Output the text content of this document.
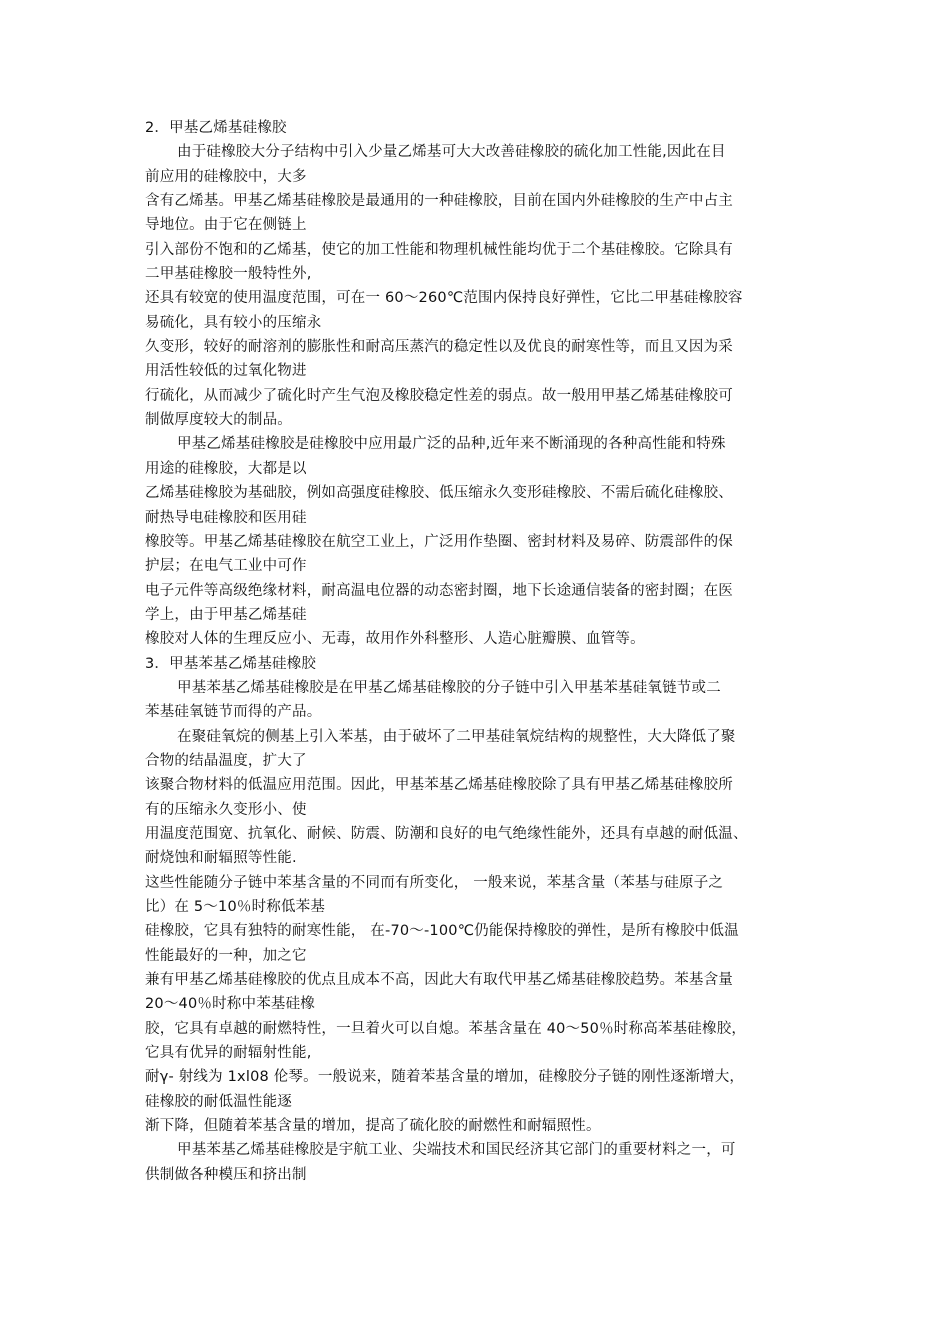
2．甲基乙烯基硅橡胶
由于硅橡胶大分子结构中引入少量乙烯基可大大改善硅橡胶的硫化加工性能,因此在目
前应用的硅橡胶中，大多
含有乙烯基。甲基乙烯基硅橡胶是最通用的一种硅橡胶，目前在国内外硅橡胶的生产中占主
导地位。由于它在侧链上
引入部份不饱和的乙烯基，使它的加工性能和物理机械性能均优于二个基硅橡胶。它除具有
二甲基硅橡胶一般特性外,
还具有较宽的使用温度范围，可在一 60～260℃范围内保持良好弹性，它比二甲基硅橡胶容
易硫化，具有较小的压缩永
久变形，较好的耐溶剂的膨胀性和耐高压蒸汽的稳定性以及优良的耐寒性等，而且又因为采
用活性较低的过氧化物进
行硫化，从而减少了硫化时产生气泡及橡胶稳定性差的弱点。故一般用甲基乙烯基硅橡胶可
制做厚度较大的制品。
甲基乙烯基硅橡胶是硅橡胶中应用最广泛的品种,近年来不断涌现的各种高性能和特殊
用途的硅橡胶，大都是以
乙烯基硅橡胶为基础胶，例如高强度硅橡胶、低压缩永久变形硅橡胶、不需后硫化硅橡胶、
耐热导电硅橡胶和医用硅
橡胶等。甲基乙烯基硅橡胶在航空工业上，广泛用作垫圈、密封材料及易碎、防震部件的保
护层；在电气工业中可作
电子元件等高级绝缘材料，耐高温电位器的动态密封圈，地下长途通信装备的密封圈；在医
学上，由于甲基乙烯基硅
橡胶对人体的生理反应小、无毒，故用作外科整形、人造心脏瓣膜、血管等。
3．甲基苯基乙烯基硅橡胶
甲基苯基乙烯基硅橡胶是在甲基乙烯基硅橡胶的分子链中引入甲基苯基硅氧链节或二
苯基硅氧链节而得的产品。
在聚硅氧烷的侧基上引入苯基，由于破坏了二甲基硅氧烷结构的规整性，大大降低了聚
合物的结晶温度，扩大了
该聚合物材料的低温应用范围。因此，甲基苯基乙烯基硅橡胶除了具有甲基乙烯基硅橡胶所
有的压缩永久变形小、使
用温度范围宽、抗氧化、耐候、防震、防潮和良好的电气绝缘性能外，还具有卓越的耐低温、
耐烧蚀和耐辐照等性能.
这些性能随分子链中苯基含量的不同而有所变化， 一般来说，苯基含量（苯基与硅原子之
比）在 5～10％时称低苯基
硅橡胶，它具有独特的耐寒性能， 在-70～-100℃仍能保持橡胶的弹性，是所有橡胶中低温
性能最好的一种，加之它
兼有甲基乙烯基硅橡胶的优点且成本不高，因此大有取代甲基乙烯基硅橡胶趋势。苯基含量
20～40％时称中苯基硅橡
胶，它具有卓越的耐燃特性，一旦着火可以自熄。苯基含量在 40～50％时称高苯基硅橡胶，
它具有优异的耐辐射性能,
耐γ- 射线为 1xl08 伦琴。一般说来，随着苯基含量的增加，硅橡胶分子链的刚性逐渐增大，
硅橡胶的耐低温性能逐
渐下降，但随着苯基含量的增加，提高了硫化胶的耐燃性和耐辐照性。
甲基苯基乙烯基硅橡胶是宇航工业、尖端技术和国民经济其它部门的重要材料之一，可
供制做各种模压和挤出制
